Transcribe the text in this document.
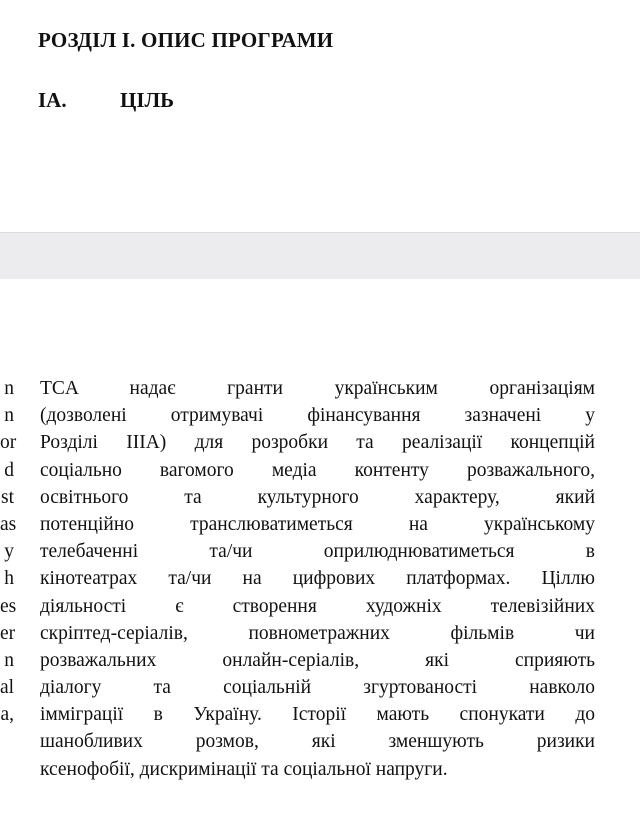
РОЗДІЛ I. ОПИС ПРОГРАМИ
IA.	ЦІЛЬ
n
n
or
d
st
as
y
h
es
er
n
al
a,
TCA надає гранти українським організаціям
(дозволені отримувачі фінансування зазначені у
Розділі IIIA) для розробки та реалізації концепцій
соціально вагомого медіа контенту розважального,
освітнього та культурного характеру, який
потенційно транслюватиметься на українському
телебаченні та/чи оприлюднюватиметься в
кінотеатрах та/чи на цифрових платформах. Ціллю
діяльності є створення художніх телевізійних
скріптед-серіалів, повнометражних фільмів чи
розважальних онлайн-серіалів, які сприяють
діалогу та соціальній згуртованості навколо
імміграції в Україну. Історії мають спонукати до
шанобливих розмов, які зменшують ризики
ксенофобії, дискримінації та соціальної напруги.
